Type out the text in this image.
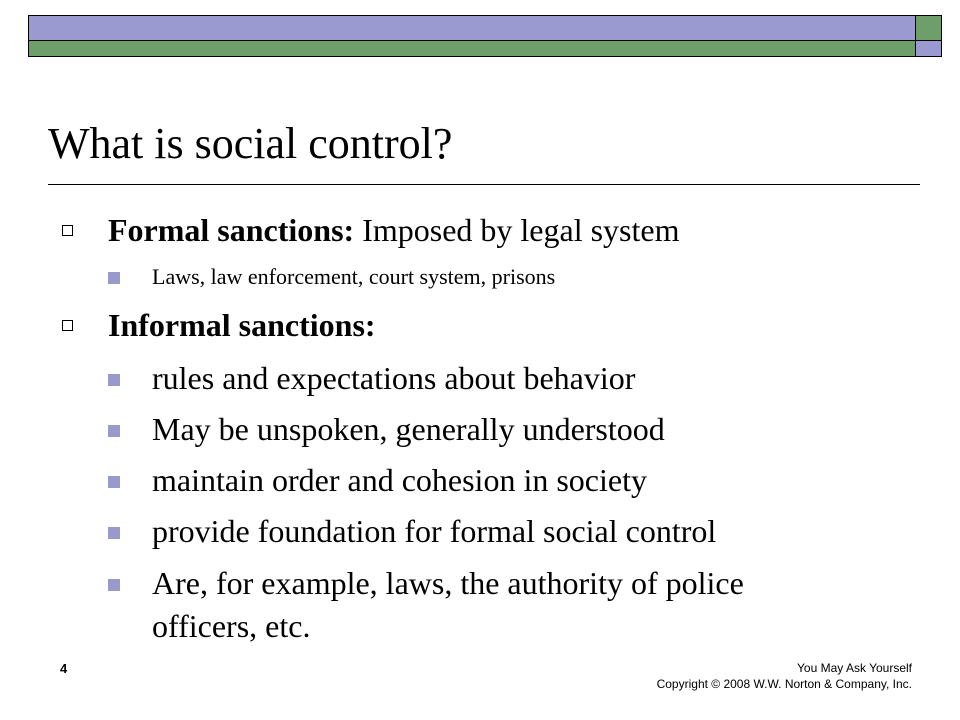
What is social control?
Formal sanctions: Imposed by legal system
Laws, law enforcement, court system, prisons
Informal sanctions:
rules and expectations about behavior
May be unspoken, generally understood
maintain order and cohesion in society
provide foundation for formal social control
Are, for example, laws, the authority of police
officers, etc.
4	You May Ask Yourself
Copyright © 2008 W.W. Norton & Company, Inc.
